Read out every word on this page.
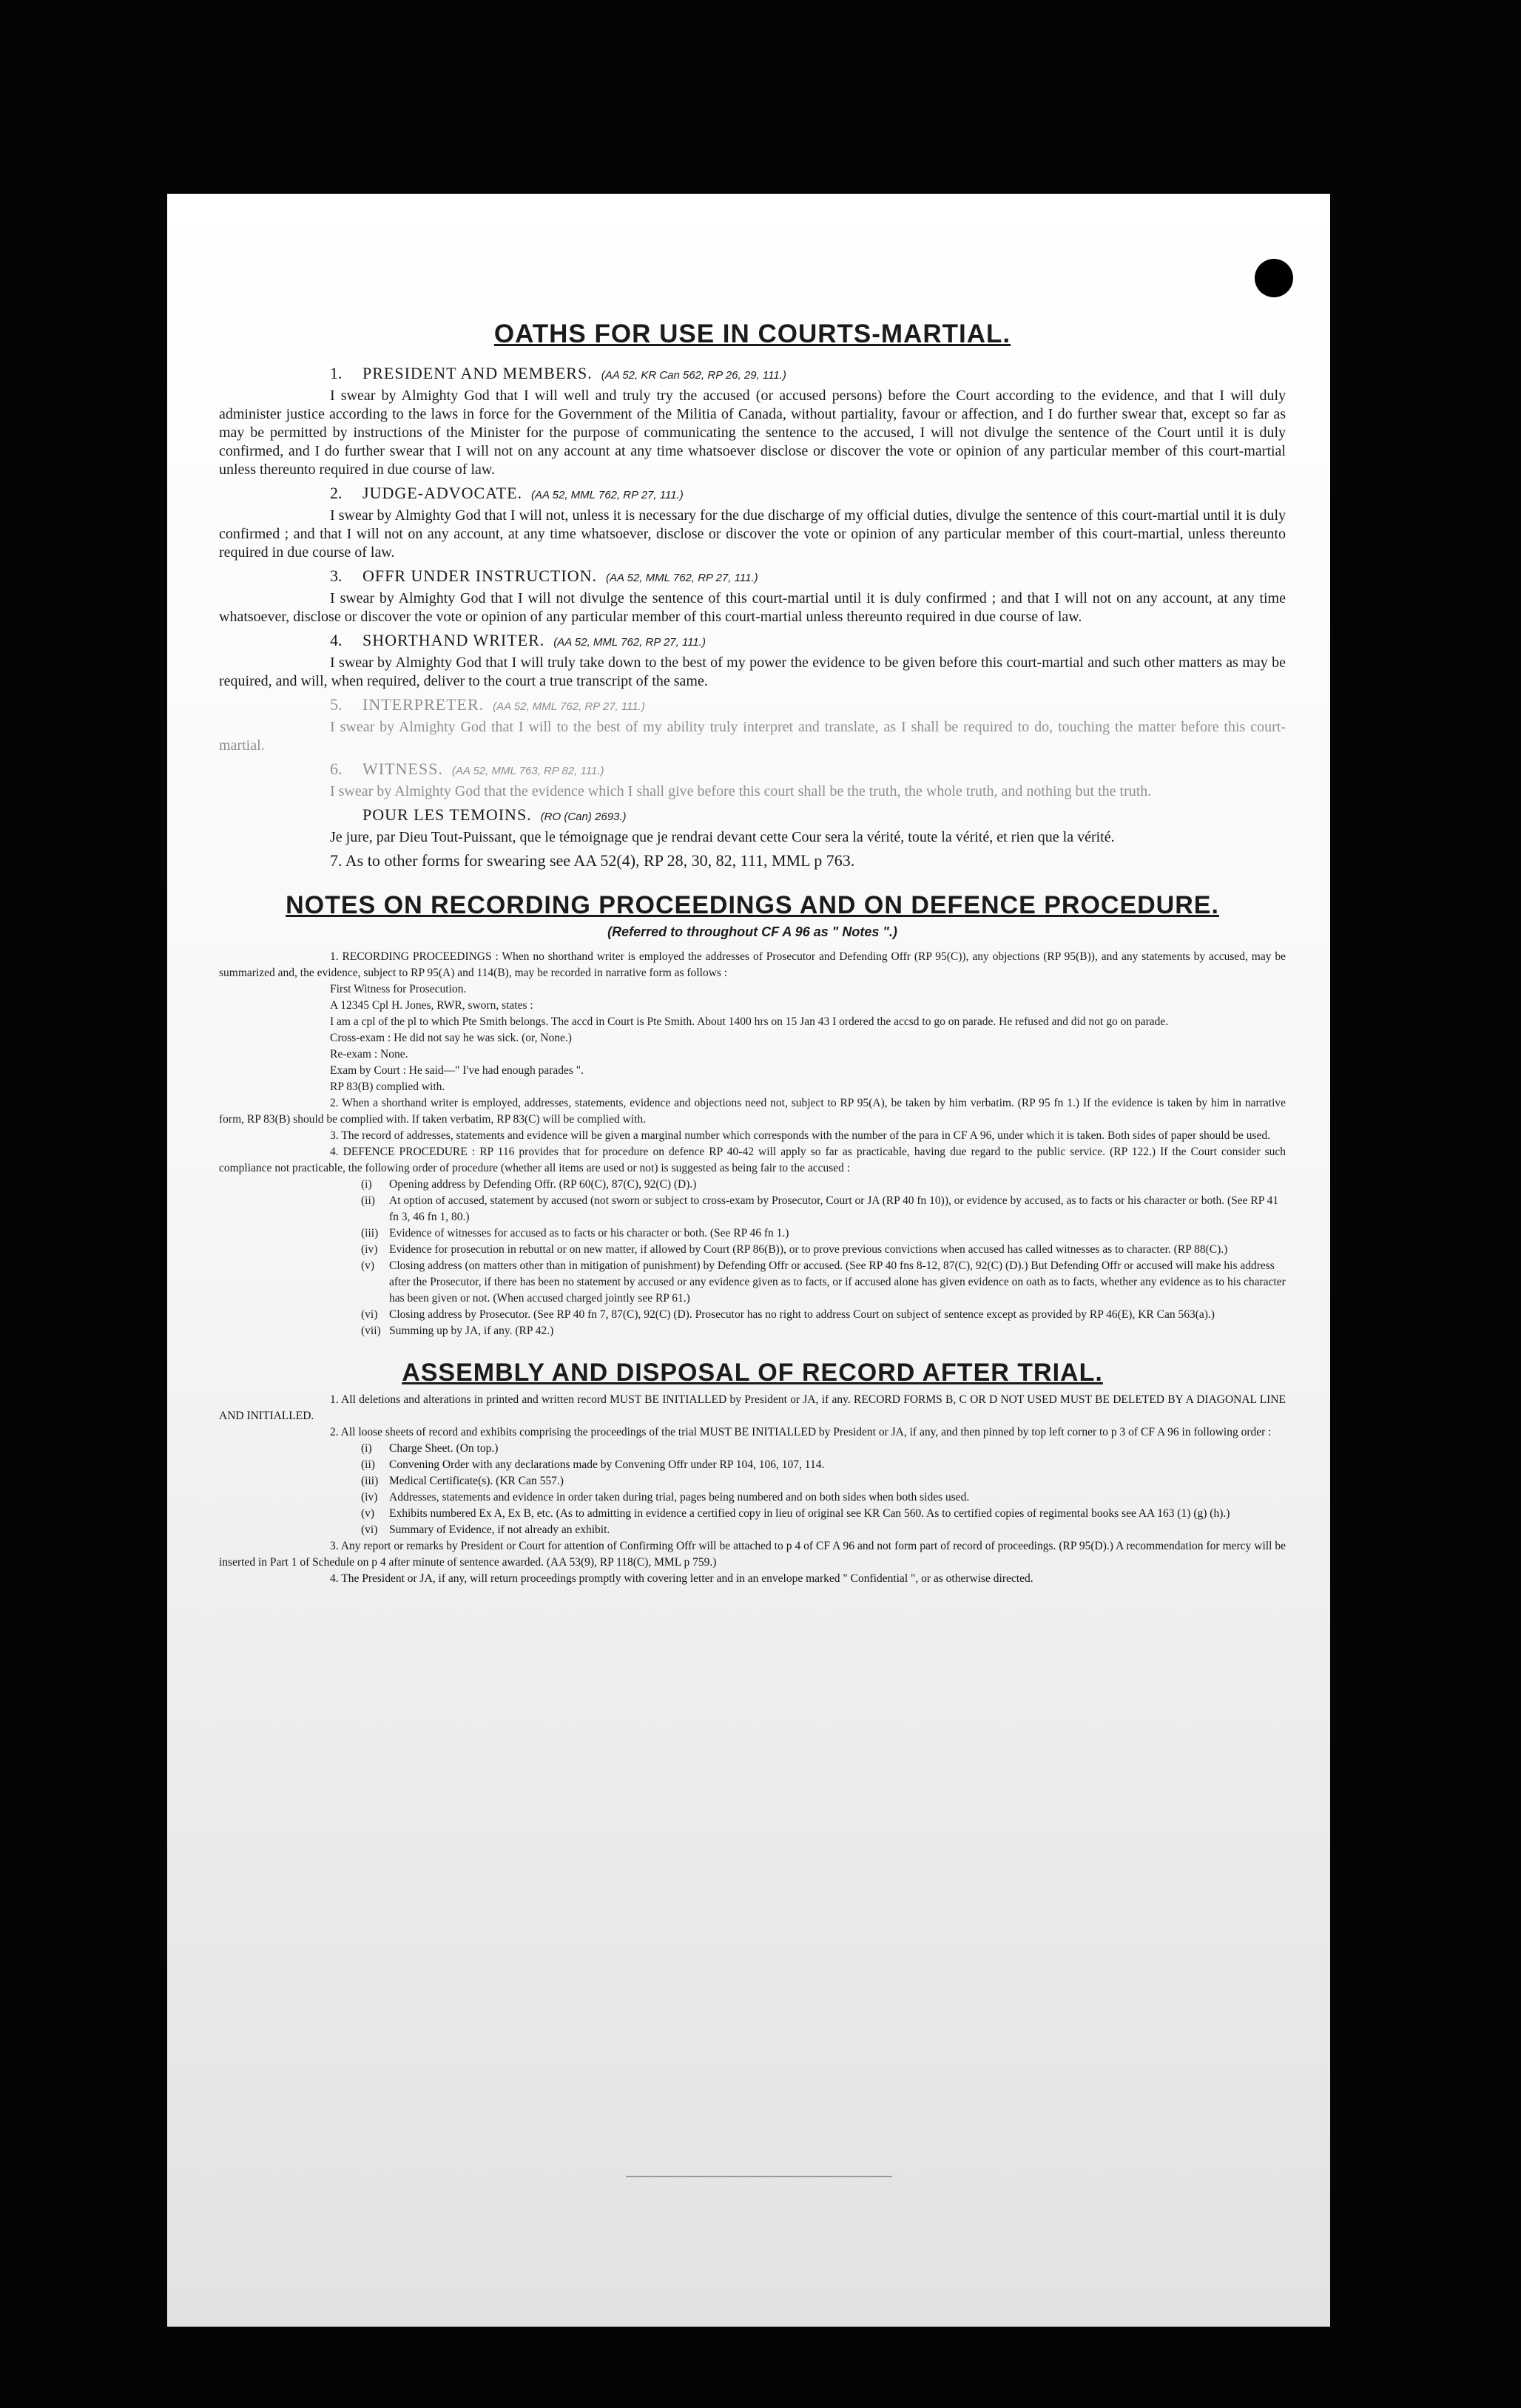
OATHS FOR USE IN COURTS-MARTIAL.
1. PRESIDENT AND MEMBERS. (AA 52, KR Can 562, RP 26, 29, 111.)

I swear by Almighty God that I will well and truly try the accused (or accused persons) before the Court according to the evidence, and that I will duly administer justice according to the laws in force for the Government of the Militia of Canada, without partiality, favour or affection, and I do further swear that, except so far as may be permitted by instructions of the Minister for the purpose of communicating the sentence to the accused, I will not divulge the sentence of the Court until it is duly confirmed, and I do further swear that I will not on any account at any time whatsoever disclose or discover the vote or opinion of any particular member of this court-martial unless thereunto required in due course of law.

2. JUDGE-ADVOCATE. (AA 52, MML 762, RP 27, 111.)

I swear by Almighty God that I will not, unless it is necessary for the due discharge of my official duties, divulge the sentence of this court-martial until it is duly confirmed ; and that I will not on any account, at any time whatsoever, disclose or discover the vote or opinion of any particular member of this court-martial, unless thereunto required in due course of law.

3. OFFR UNDER INSTRUCTION. (AA 52, MML 762, RP 27, 111.)

I swear by Almighty God that I will not divulge the sentence of this court-martial until it is duly confirmed ; and that I will not on any account, at any time whatsoever, disclose or discover the vote or opinion of any particular member of this court-martial unless thereunto required in due course of law.

4. SHORTHAND WRITER. (AA 52, MML 762, RP 27, 111.)

I swear by Almighty God that I will truly take down to the best of my power the evidence to be given before this court-martial and such other matters as may be required, and will, when required, deliver to the court a true transcript of the same.

5. INTERPRETER. (AA 52, MML 762, RP 27, 111.)

I swear by Almighty God that I will to the best of my ability truly interpret and translate, as I shall be required to do, touching the matter before this court-martial.

6. WITNESS. (AA 52, MML 763, RP 82, 111.)

I swear by Almighty God that the evidence which I shall give before this court shall be the truth, the whole truth, and nothing but the truth.

POUR LES TEMOINS. (RO (Can) 2693.)

Je jure, par Dieu Tout-Puissant, que le témoignage que je rendrai devant cette Cour sera la vérité, toute la vérité, et rien que la vérité.

7. As to other forms for swearing see AA 52(4), RP 28, 30, 82, 111, MML p 763.

NOTES ON RECORDING PROCEEDINGS AND ON DEFENCE PROCEDURE.
(Referred to throughout CF A 96 as " Notes ".)

1. RECORDING PROCEEDINGS : When no shorthand writer is employed the addresses of Prosecutor and Defending Offr (RP 95(C)), any objections (RP 95(B)), and any statements by accused, may be summarized and, the evidence, subject to RP 95(A) and 114(B), may be recorded in narrative form as follows :

First Witness for Prosecution.

A 12345 Cpl H. Jones, RWR, sworn, states :

I am a cpl of the pl to which Pte Smith belongs. The accd in Court is Pte Smith. About 1400 hrs on 15 Jan 43 I ordered the accsd to go on parade. He refused and did not go on parade.

Cross-exam : He did not say he was sick. (or, None.)

Re-exam : None.

Exam by Court : He said—" I've had enough parades ".

RP 83(B) complied with.

2. When a shorthand writer is employed, addresses, statements, evidence and objections need not, subject to RP 95(A), be taken by him verbatim. (RP 95 fn 1.) If the evidence is taken by him in narrative form, RP 83(B) should be complied with. If taken verbatim, RP 83(C) will be complied with.

3. The record of addresses, statements and evidence will be given a marginal number which corresponds with the number of the para in CF A 96, under which it is taken. Both sides of paper should be used.

4. DEFENCE PROCEDURE : RP 116 provides that for procedure on defence RP 40-42 will apply so far as practicable, having due regard to the public service. (RP 122.) If the Court consider such compliance not practicable, the following order of procedure (whether all items are used or not) is suggested as being fair to the accused :

(i) Opening address by Defending Offr. (RP 60(C), 87(C), 92(C) (D).)
(ii) At option of accused, statement by accused (not sworn or subject to cross-exam by Prosecutor, Court or JA (RP 40 fn 10)), or evidence by accused, as to facts or his character or both. (See RP 41 fn 3, 46 fn 1, 80.)
(iii) Evidence of witnesses for accused as to facts or his character or both. (See RP 46 fn 1.)
(iv) Evidence for prosecution in rebuttal or on new matter, if allowed by Court (RP 86(B)), or to prove previous convictions when accused has called witnesses as to character. (RP 88(C).)
(v) Closing address (on matters other than in mitigation of punishment) by Defending Offr or accused. (See RP 40 fns 8-12, 87(C), 92(C) (D).) But Defending Offr or accused will make his address after the Prosecutor, if there has been no statement by accused or any evidence given as to facts, or if accused alone has given evidence on oath as to facts, whether any evidence as to his character has been given or not. (When accused charged jointly see RP 61.)
(vi) Closing address by Prosecutor. (See RP 40 fn 7, 87(C), 92(C) (D). Prosecutor has no right to address Court on subject of sentence except as provided by RP 46(E), KR Can 563(a).)
(vii) Summing up by JA, if any. (RP 42.)
ASSEMBLY AND DISPOSAL OF RECORD AFTER TRIAL.

1. All deletions and alterations in printed and written record MUST BE INITIALLED by President or JA, if any. RECORD FORMS B, C OR D NOT USED MUST BE DELETED BY A DIAGONAL LINE AND INITIALLED.

2. All loose sheets of record and exhibits comprising the proceedings of the trial MUST BE INITIALLED by President or JA, if any, and then pinned by top left corner to p 3 of CF A 96 in following order :

(i) Charge Sheet. (On top.)
(ii) Convening Order with any declarations made by Convening Offr under RP 104, 106, 107, 114.
(iii) Medical Certificate(s). (KR Can 557.)
(iv) Addresses, statements and evidence in order taken during trial, pages being numbered and on both sides when both sides used.
(v) Exhibits numbered Ex A, Ex B, etc. (As to admitting in evidence a certified copy in lieu of original see KR Can 560. As to certified copies of regimental books see AA 163 (1) (g) (h).)
(vi) Summary of Evidence, if not already an exhibit.

3. Any report or remarks by President or Court for attention of Confirming Offr will be attached to p 4 of CF A 96 and not form part of record of proceedings. (RP 95(D).) A recommendation for mercy will be inserted in Part 1 of Schedule on p 4 after minute of sentence awarded. (AA 53(9), RP 118(C), MML p 759.)

4. The President or JA, if any, will return proceedings promptly with covering letter and in an envelope marked " Confidential ", or as otherwise directed.
